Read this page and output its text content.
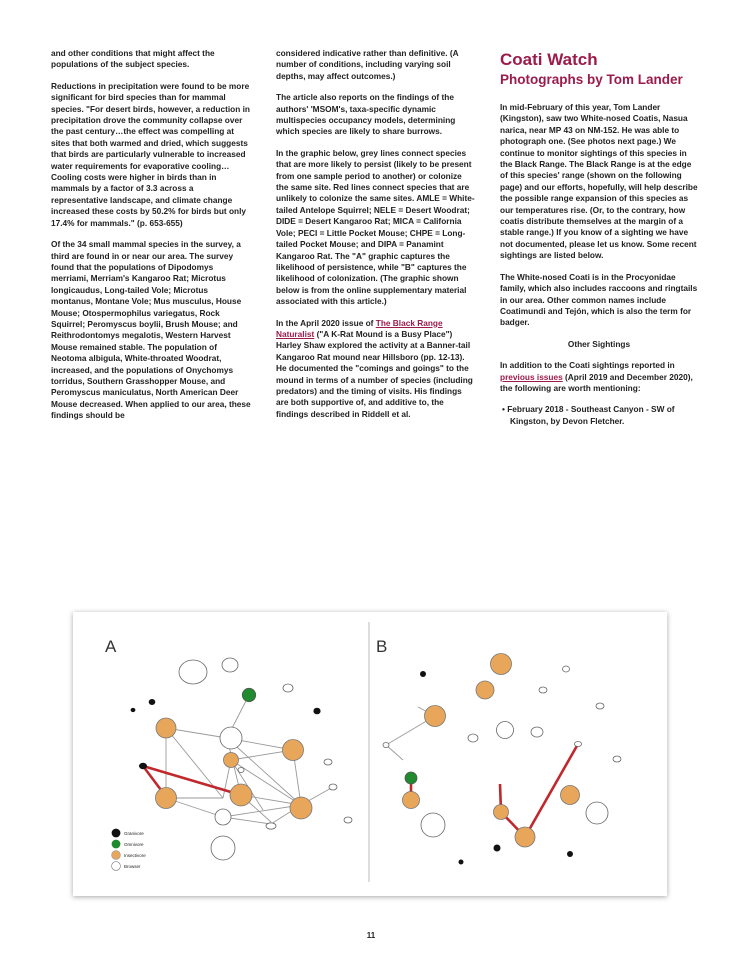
and other conditions that might affect the populations of the subject species.

Reductions in precipitation were found to be more significant for bird species than for mammal species. "For desert birds, however, a reduction in precipitation drove the community collapse over the past century…the effect was compelling at sites that both warmed and dried, which suggests that birds are particularly vulnerable to increased water requirements for evaporative cooling… Cooling costs were higher in birds than in mammals by a factor of 3.3 across a representative landscape, and climate change increased these costs by 50.2% for birds but only 17.4% for mammals." (p. 653-655)

Of the 34 small mammal species in the survey, a third are found in or near our area. The survey found that the populations of Dipodomys merriami, Merriam's Kangaroo Rat; Microtus longicaudus, Long-tailed Vole; Microtus montanus, Montane Vole; Mus musculus, House Mouse; Otospermophilus variegatus, Rock Squirrel; Peromyscus boylii, Brush Mouse; and Reithrodontomys megalotis, Western Harvest Mouse remained stable. The population of Neotoma albigula, White-throated Woodrat, increased, and the populations of Onychomys torridus, Southern Grasshopper Mouse, and Peromyscus maniculatus, North American Deer Mouse decreased. When applied to our area, these findings should be

considered indicative rather than definitive. (A number of conditions, including varying soil depths, may affect outcomes.)

The article also reports on the findings of the authors' 'MSOM's, taxa-specific dynamic multispecies occupancy models, determining which species are likely to share burrows.

In the graphic below, grey lines connect species that are more likely to persist (likely to be present from one sample period to another) or colonize the same site. Red lines connect species that are unlikely to colonize the same sites. AMLE = White-tailed Antelope Squirrel; NELE = Desert Woodrat; DIDE = Desert Kangaroo Rat; MICA = California Vole; PECI = Little Pocket Mouse; CHPE = Long-tailed Pocket Mouse; and DIPA = Panamint Kangaroo Rat. The "A" graphic captures the likelihood of persistence, while "B" captures the likelihood of colonization. (The graphic shown below is from the online supplementary material associated with this article.)

In the April 2020 issue of The Black Range Naturalist ("A K-Rat Mound is a Busy Place") Harley Shaw explored the activity at a Banner-tail Kangaroo Rat mound near Hillsboro (pp. 12-13). He documented the "comings and goings" to the mound in terms of a number of species (including predators) and the timing of visits. His findings are both supportive of, and additive to, the findings described in Riddell et al.

Coati Watch
Photographs by Tom Lander

In mid-February of this year, Tom Lander (Kingston), saw two White-nosed Coatis, Nasua narica, near MP 43 on NM-152. He was able to photograph one. (See photos next page.) We continue to monitor sightings of this species in the Black Range. The Black Range is at the edge of this species' range (shown on the following page) and our efforts, hopefully, will help describe the possible range expansion of this species as our temperatures rise. (Or, to the contrary, how coatis distribute themselves at the margin of a stable range.) If you know of a sighting we have not documented, please let us know. Some recent sightings are listed below.

The White-nosed Coati is in the Procyonidae family, which also includes raccoons and ringtails in our area. Other common names include Coatimundi and Tejón, which is also the term for badger.

Other Sightings

In addition to the Coati sightings reported in previous issues (April 2019 and December 2020), the following are worth mentioning:

• February 2018 - Southeast Canyon - SW of Kingston, by Devon Fletcher.

A	B
Granivore
Omnivore
Insectivore
Browser
11
